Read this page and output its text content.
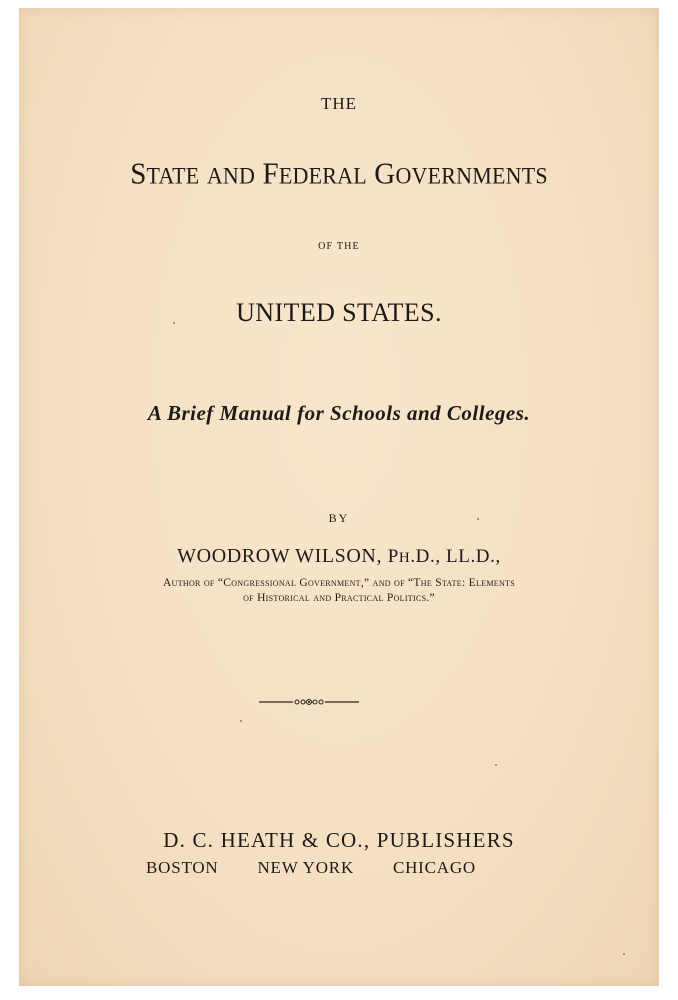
THE
STATE AND FEDERAL GOVERNMENTS
OF THE
UNITED STATES.
A Brief Manual for Schools and Colleges.
BY
WOODROW WILSON, PH.D., LL.D.,
Author of “Congressional Government,” and of “The State: Elements
of Historical and Practical Politics.”
D. C. HEATH & CO., PUBLISHERS
BOSTON NEW YORK CHICAGO
